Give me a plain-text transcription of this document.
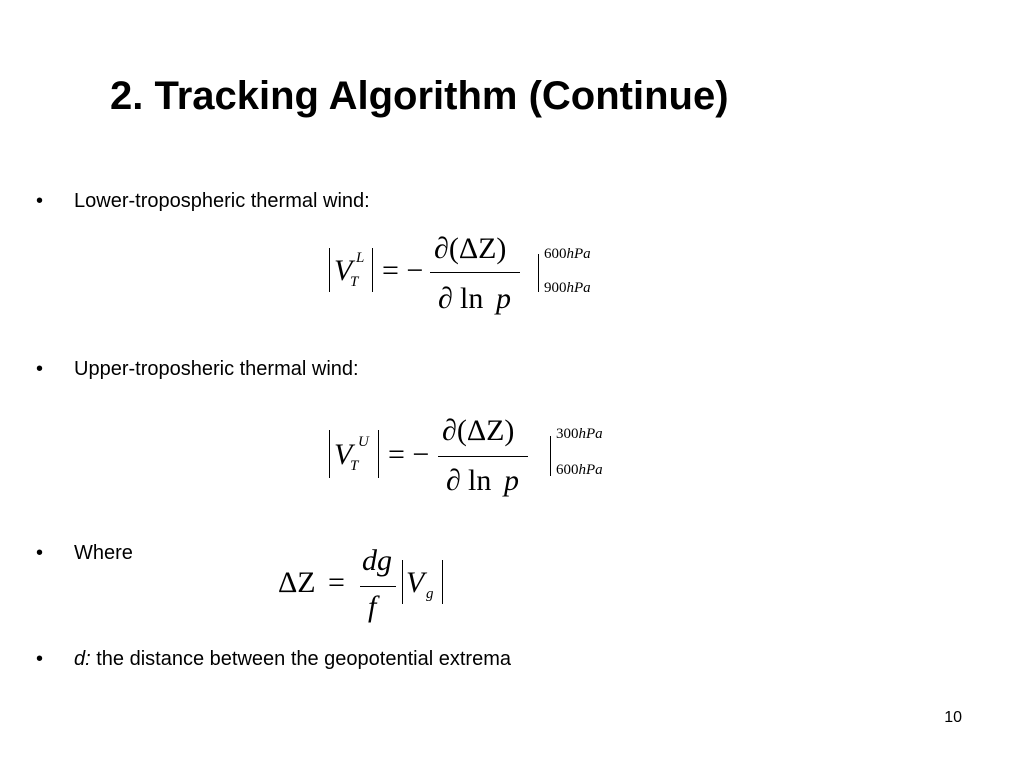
2. Tracking Algorithm (Continue)
• Lower-tropospheric thermal wind:
V L
T = −
∂(ΔZ)
∂ ln p
600hPa
900hPa
• Upper-troposheric thermal wind:
V U
T = −
∂(ΔZ)
∂ ln p
300hPa
600hPa
• Where
ΔZ =
dg
f
V g
• d: the distance between the geopotential extrema
10
